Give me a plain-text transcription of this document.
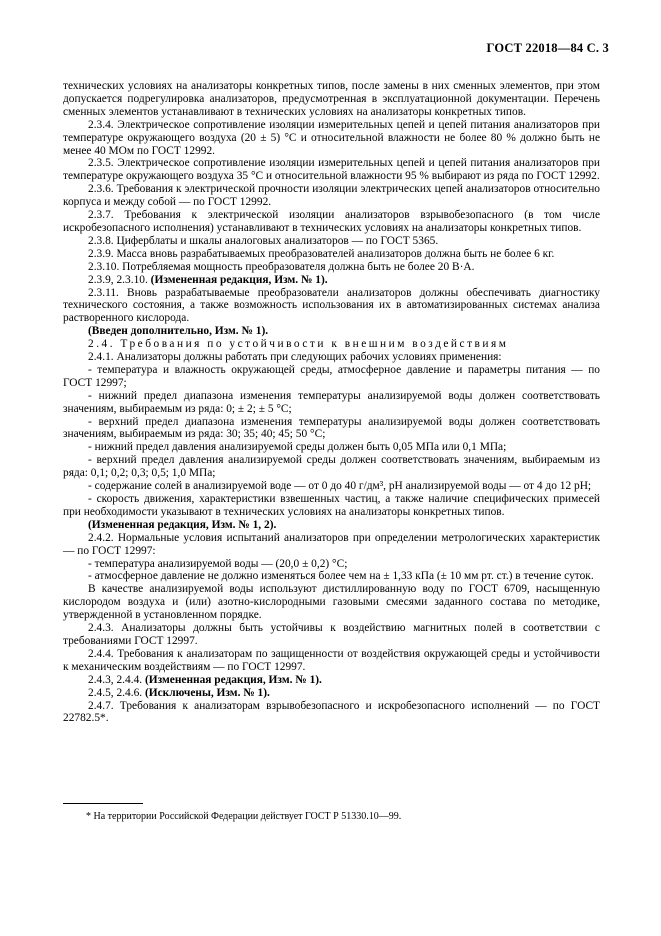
ГОСТ 22018—84 С. 3

технических условиях на анализаторы конкретных типов, после замены в них сменных элементов, при этом допускается подрегулировка анализаторов, предусмотренная в эксплуатационной документации. Перечень сменных элементов устанавливают в технических условиях на анализаторы конкретных типов.

2.3.4. Электрическое сопротивление изоляции измерительных цепей и цепей питания анализаторов при температуре окружающего воздуха (20 ± 5) °С и относительной влажности не более 80 % должно быть не менее 40 МОм по ГОСТ 12992.

2.3.5. Электрическое сопротивление изоляции измерительных цепей и цепей питания анализаторов при температуре окружающего воздуха 35 °С и относительной влажности 95 % выбирают из ряда по ГОСТ 12992.

2.3.6. Требования к электрической прочности изоляции электрических цепей анализаторов относительно корпуса и между собой — по ГОСТ 12992.

2.3.7. Требования к электрической изоляции анализаторов взрывобезопасного (в том числе искробезопасного исполнения) устанавливают в технических условиях на анализаторы конкретных типов.

2.3.8. Циферблаты и шкалы аналоговых анализаторов — по ГОСТ 5365.

2.3.9. Масса вновь разрабатываемых преобразователей анализаторов должна быть не более 6 кг.

2.3.10. Потребляемая мощность преобразователя должна быть не более 20 В·А.

2.3.9, 2.3.10. (Измененная редакция, Изм. № 1).

2.3.11. Вновь разрабатываемые преобразователи анализаторов должны обеспечивать диагностику технического состояния, а также возможность использования их в автоматизированных системах анализа растворенного кислорода.

(Введен дополнительно, Изм. № 1).

2.4. Требования по устойчивости к внешним воздействиям

2.4.1. Анализаторы должны работать при следующих рабочих условиях применения:

- температура и влажность окружающей среды, атмосферное давление и параметры питания — по ГОСТ 12997;

- нижний предел диапазона изменения температуры анализируемой воды должен соответствовать значениям, выбираемым из ряда: 0; ± 2; ± 5 °С;

- верхний предел диапазона изменения температуры анализируемой воды должен соответствовать значениям, выбираемым из ряда: 30; 35; 40; 45; 50 °С;

- нижний предел давления анализируемой среды должен быть 0,05 МПа или 0,1 МПа;

- верхний предел давления анализируемой среды должен соответствовать значениям, выбираемым из ряда: 0,1; 0,2; 0,3; 0,5; 1,0 МПа;

- содержание солей в анализируемой воде — от 0 до 40 г/дм³, рН анализируемой воды — от 4 до 12 рН;

- скорость движения, характеристики взвешенных частиц, а также наличие специфических примесей при необходимости указывают в технических условиях на анализаторы конкретных типов.

(Измененная редакция, Изм. № 1, 2).

2.4.2. Нормальные условия испытаний анализаторов при определении метрологических характеристик — по ГОСТ 12997:

- температура анализируемой воды — (20,0 ± 0,2) °С;

- атмосферное давление не должно изменяться более чем на ± 1,33 кПа (± 10 мм рт. ст.) в течение суток.

В качестве анализируемой воды используют дистиллированную воду по ГОСТ 6709, насыщенную кислородом воздуха и (или) азотно-кислородными газовыми смесями заданного состава по методике, утвержденной в установленном порядке.

2.4.3. Анализаторы должны быть устойчивы к воздействию магнитных полей в соответствии с требованиями ГОСТ 12997.

2.4.4. Требования к анализаторам по защищенности от воздействия окружающей среды и устойчивости к механическим воздействиям — по ГОСТ 12997.

2.4.3, 2.4.4. (Измененная редакция, Изм. № 1).

2.4.5, 2.4.6. (Исключены, Изм. № 1).

2.4.7. Требования к анализаторам взрывобезопасного и искробезопасного исполнений — по ГОСТ 22782.5*.

* На территории Российской Федерации действует ГОСТ Р 51330.10—99.
